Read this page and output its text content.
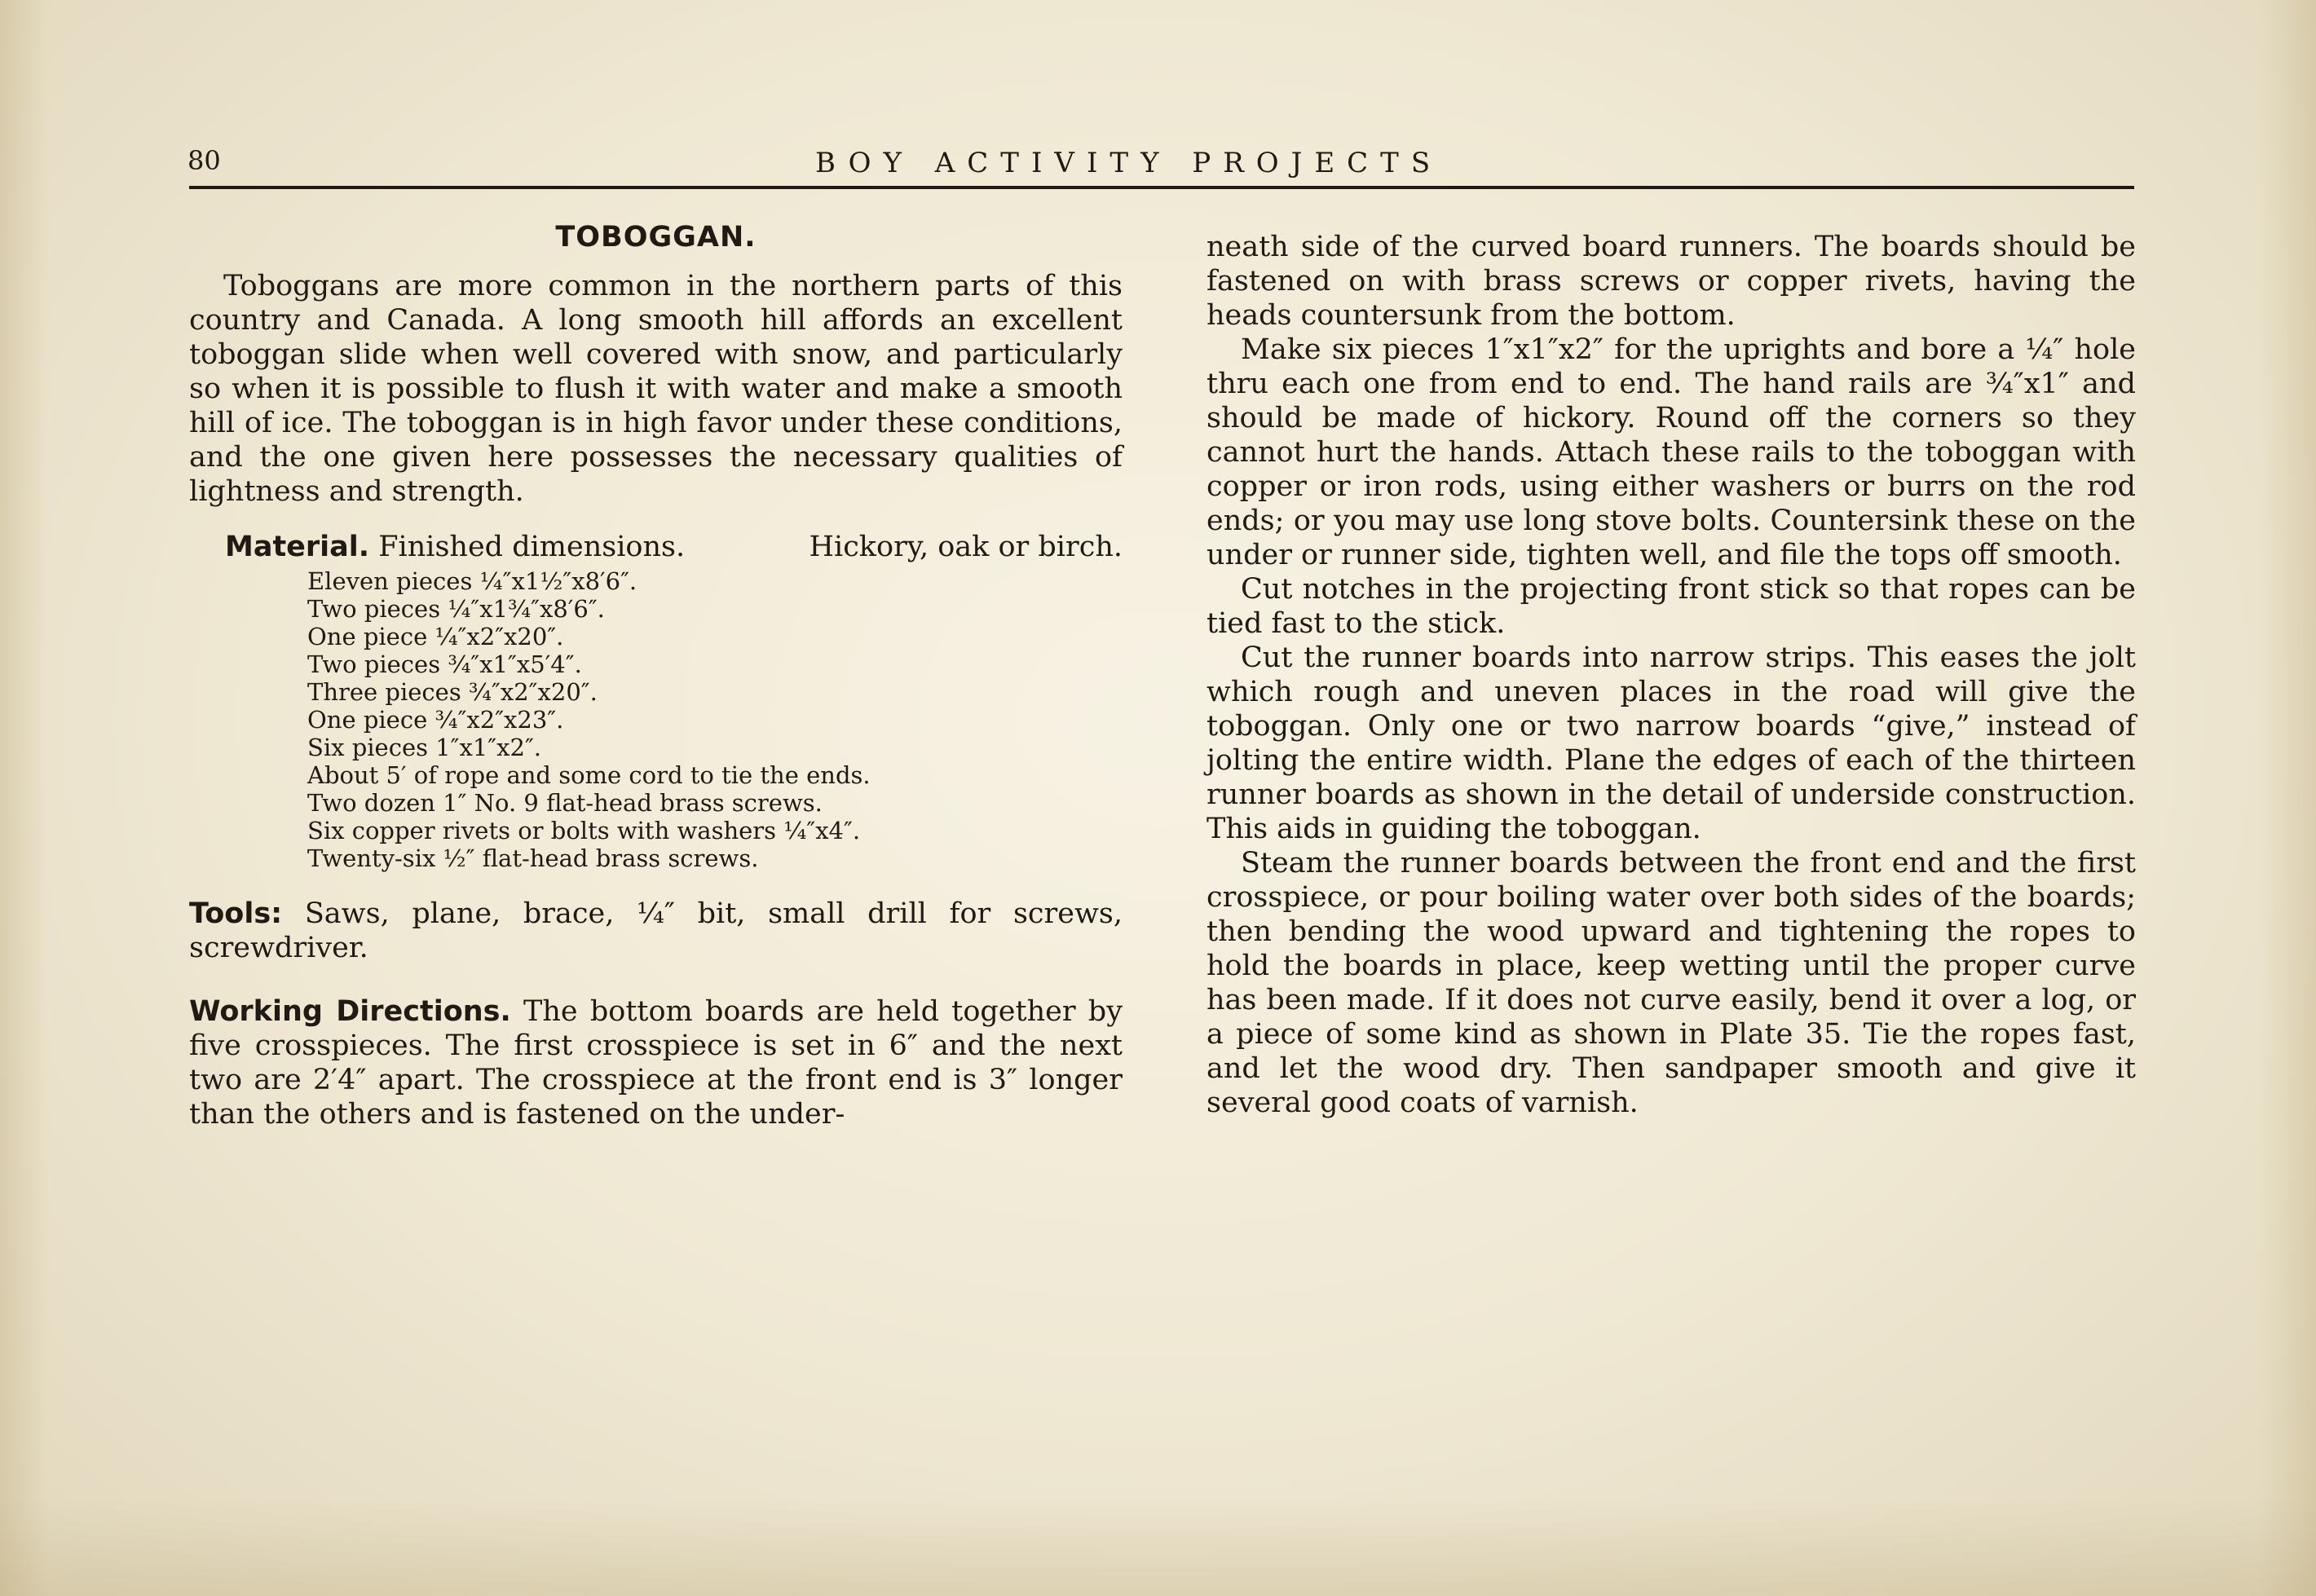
80	BOY ACTIVITY PROJECTS
TOBOGGAN.

Toboggans are more common in the northern parts of this country and Canada. A long smooth hill affords an excellent toboggan slide when well covered with snow, and particularly so when it is possible to flush it with water and make a smooth hill of ice. The toboggan is in high favor under these conditions, and the one given here possesses the necessary qualities of lightness and strength.

Material. Finished dimensions.	Hickory, oak or birch.

Eleven pieces ¼″x1½″x8′6″.
Two pieces ¼″x1¾″x8′6″.
One piece ¼″x2″x20″.
Two pieces ¾″x1″x5′4″.
Three pieces ¾″x2″x20″.
One piece ¾″x2″x23″.
Six pieces 1″x1″x2″.
About 5′ of rope and some cord to tie the ends.
Two dozen 1″ No. 9 flat-head brass screws.
Six copper rivets or bolts with washers ¼″x4″.
Twenty-six ½″ flat-head brass screws.

Tools: Saws, plane, brace, ¼″ bit, small drill for screws, screwdriver.

Working Directions. The bottom boards are held together by five crosspieces. The first crosspiece is set in 6″ and the next two are 2′4″ apart. The crosspiece at the front end is 3″ longer than the others and is fastened on the under-

neath side of the curved board runners. The boards should be fastened on with brass screws or copper rivets, having the heads countersunk from the bottom.

Make six pieces 1″x1″x2″ for the uprights and bore a ¼″ hole thru each one from end to end. The hand rails are ¾″x1″ and should be made of hickory. Round off the corners so they cannot hurt the hands. Attach these rails to the toboggan with copper or iron rods, using either washers or burrs on the rod ends; or you may use long stove bolts. Countersink these on the under or runner side, tighten well, and file the tops off smooth.

Cut notches in the projecting front stick so that ropes can be tied fast to the stick.

Cut the runner boards into narrow strips. This eases the jolt which rough and uneven places in the road will give the toboggan. Only one or two narrow boards “give,” instead of jolting the entire width. Plane the edges of each of the thirteen runner boards as shown in the detail of underside construction. This aids in guiding the toboggan.

Steam the runner boards between the front end and the first crosspiece, or pour boiling water over both sides of the boards; then bending the wood upward and tightening the ropes to hold the boards in place, keep wetting until the proper curve has been made. If it does not curve easily, bend it over a log, or a piece of some kind as shown in Plate 35. Tie the ropes fast, and let the wood dry. Then sandpaper smooth and give it several good coats of varnish.
